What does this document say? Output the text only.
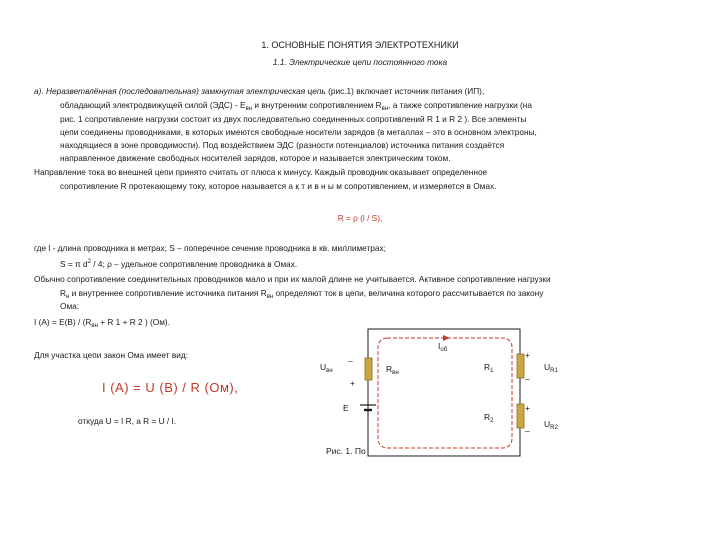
1. ОСНОВНЫЕ ПОНЯТИЯ ЭЛЕКТРОТЕХНИКИ
1.1. Электрические цепи постоянного тока
а). Неразветвлённая (последовательная) замкнутая электрическая цепь (рис.1) включает источник питания (ИП),
обладающий электродвижущей силой $(ЭДС) - Е_{вн}$ и внутренним сопротивлением $R_{вн}$, а также сопротивление нагрузки (на
рис. 1 сопротивление нагрузки состоит из двух последовательно соединенных сопротивлений R 1 и R 2 ). Все элементы
цепи соединены проводниками, в которых имеются свободные носители зарядов (в металлах – это в основном электроны,
находящиеся в зоне проводимости). Под воздействием ЭДС (разности потенциалов) источника питания создаётся
направленное движение свободных носителей зарядов, которое и называется электрическим током.
Направление тока во внешней цепи принято считать от плюса к минусу. Каждый проводник оказывает определенное
сопротивление R протекающему току, которое называется а к т и в н ы м сопротивлением, и измеряется в Омах.
R = ρ (l / S),
где l - длина проводника в метрах; S – поперечное сечение проводника в кв. миллиметрах;
S = π $d^2 / 4$; ρ – удельное сопротивление проводника в Омах.
Обычно сопротивление соединительных проводников мало и при их малой длине не учитывается. Активное сопротивление нагрузки
$R_н$ и внутреннее сопротивление источника питания $R_{вн}$ определяют ток в цепи, величина которого рассчитывается по закону
Ома:
I $(А) = Е(В) / (R_{вн} + R$ 1 + R 2 ) (Ом).
Для участка цепи закон Ома имеет вид:
I (А) = U (В) / R (Ом),
откуда U = I R, а R = U / I.
$I_{об}$
$U_{вн}$
_
+
$R_{вн}$
E
$R_1$
$R_2$
+
_
+
_
$U_{R1}$
$U_{R2}$
Рис. 1. По
